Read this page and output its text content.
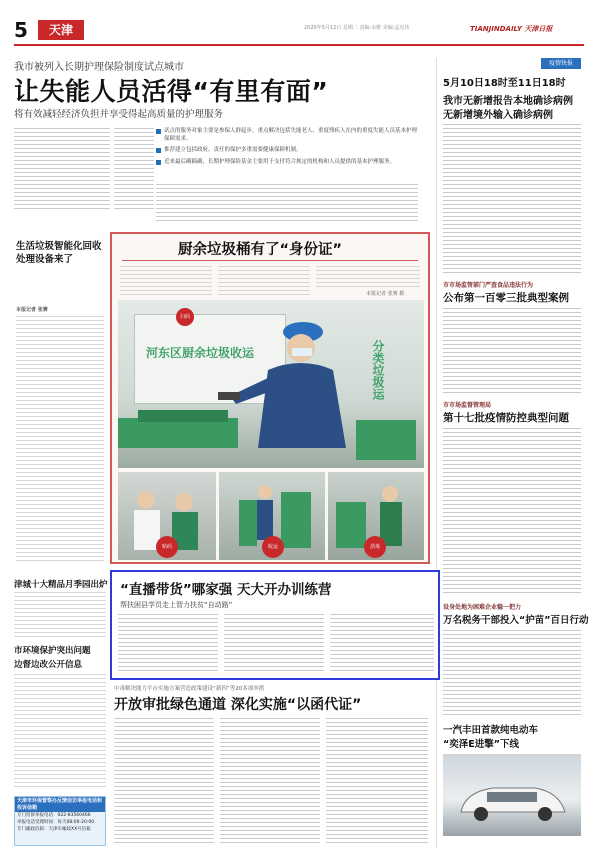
5	天津	2020年5月12日 星期二 责编:余维 美编:孟宪伟	TIANJINDAILY 天津日报
我市被列入长期护理保险制度试点城市
让失能人员活得“有里有面”
将有效减轻经济负担并享受得起高质量的护理服务
试点的服务对象主要是参保人群起步，重点解决包括失能老人、重度残疾人在内的重度失能人员基本护理保障需求。
推荐建立包括政府、责任的保护多重需要健康保障机制。
近来最后确稿确，长期护理保险基金主要用于支付符合规定的机构和人员提供的基本护理服务。
疫情快报
5月10日18时至11日18时
我市无新增报告本地确诊病例
无新增境外输入确诊病例
市市场监管部门严查食品违法行为
公布第一百零三批典型案例
市市场监督管理局
第十七批疫情防控典型问题
设身处地为困难企业稳一把力
万名税务干部投入“护苗”百日行动
一汽丰田首款纯电动车
“奕泽E进擎”下线
生活垃圾智能化回收处理设备来了
本报记者 张赛
津城十大精品月季园出炉
市环境保护突出问题
边督边改公开信息
天津市环保督察办反馈信访举报电话和投诉信箱
专门投诉举报电话：022-83560466
举报电话受理时间：每天08:00-20:00
专门邮政信箱：天津市邮政XX号信箱
厨余垃圾桶有了“身份证”
本报记者 张赛 摄
河东区厨余垃圾收运	分类垃圾运
扫码
贴码	收运	消毒
“直播带货”哪家强 天大开办训练营
帮扶困县学员走上智力扶贫“自动路”
中毒解决能力平台实施方案营造政策建设“新四”等20多项举措
开放审批绿色通道 深化实施“以函代证”
